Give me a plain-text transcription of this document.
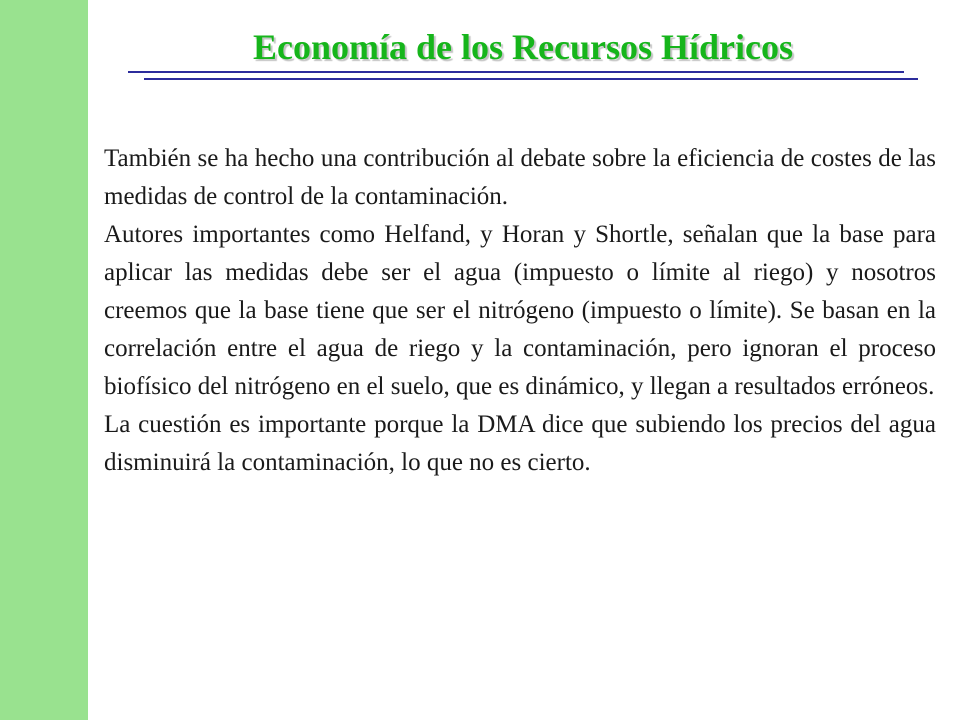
Economía de los Recursos Hídricos

También se ha hecho una contribución al debate sobre la eficiencia de costes de las medidas de control de la contaminación.

Autores importantes como Helfand, y Horan y Shortle, señalan que la base para aplicar las medidas debe ser el agua (impuesto o límite al riego) y nosotros creemos que la base tiene que ser el nitrógeno (impuesto o límite). Se basan en la correlación entre el agua de riego y la contaminación, pero ignoran el proceso biofísico del nitrógeno en el suelo, que es dinámico, y llegan a resultados erróneos.

La cuestión es importante porque la DMA dice que subiendo los precios del agua disminuirá la contaminación, lo que no es cierto.
